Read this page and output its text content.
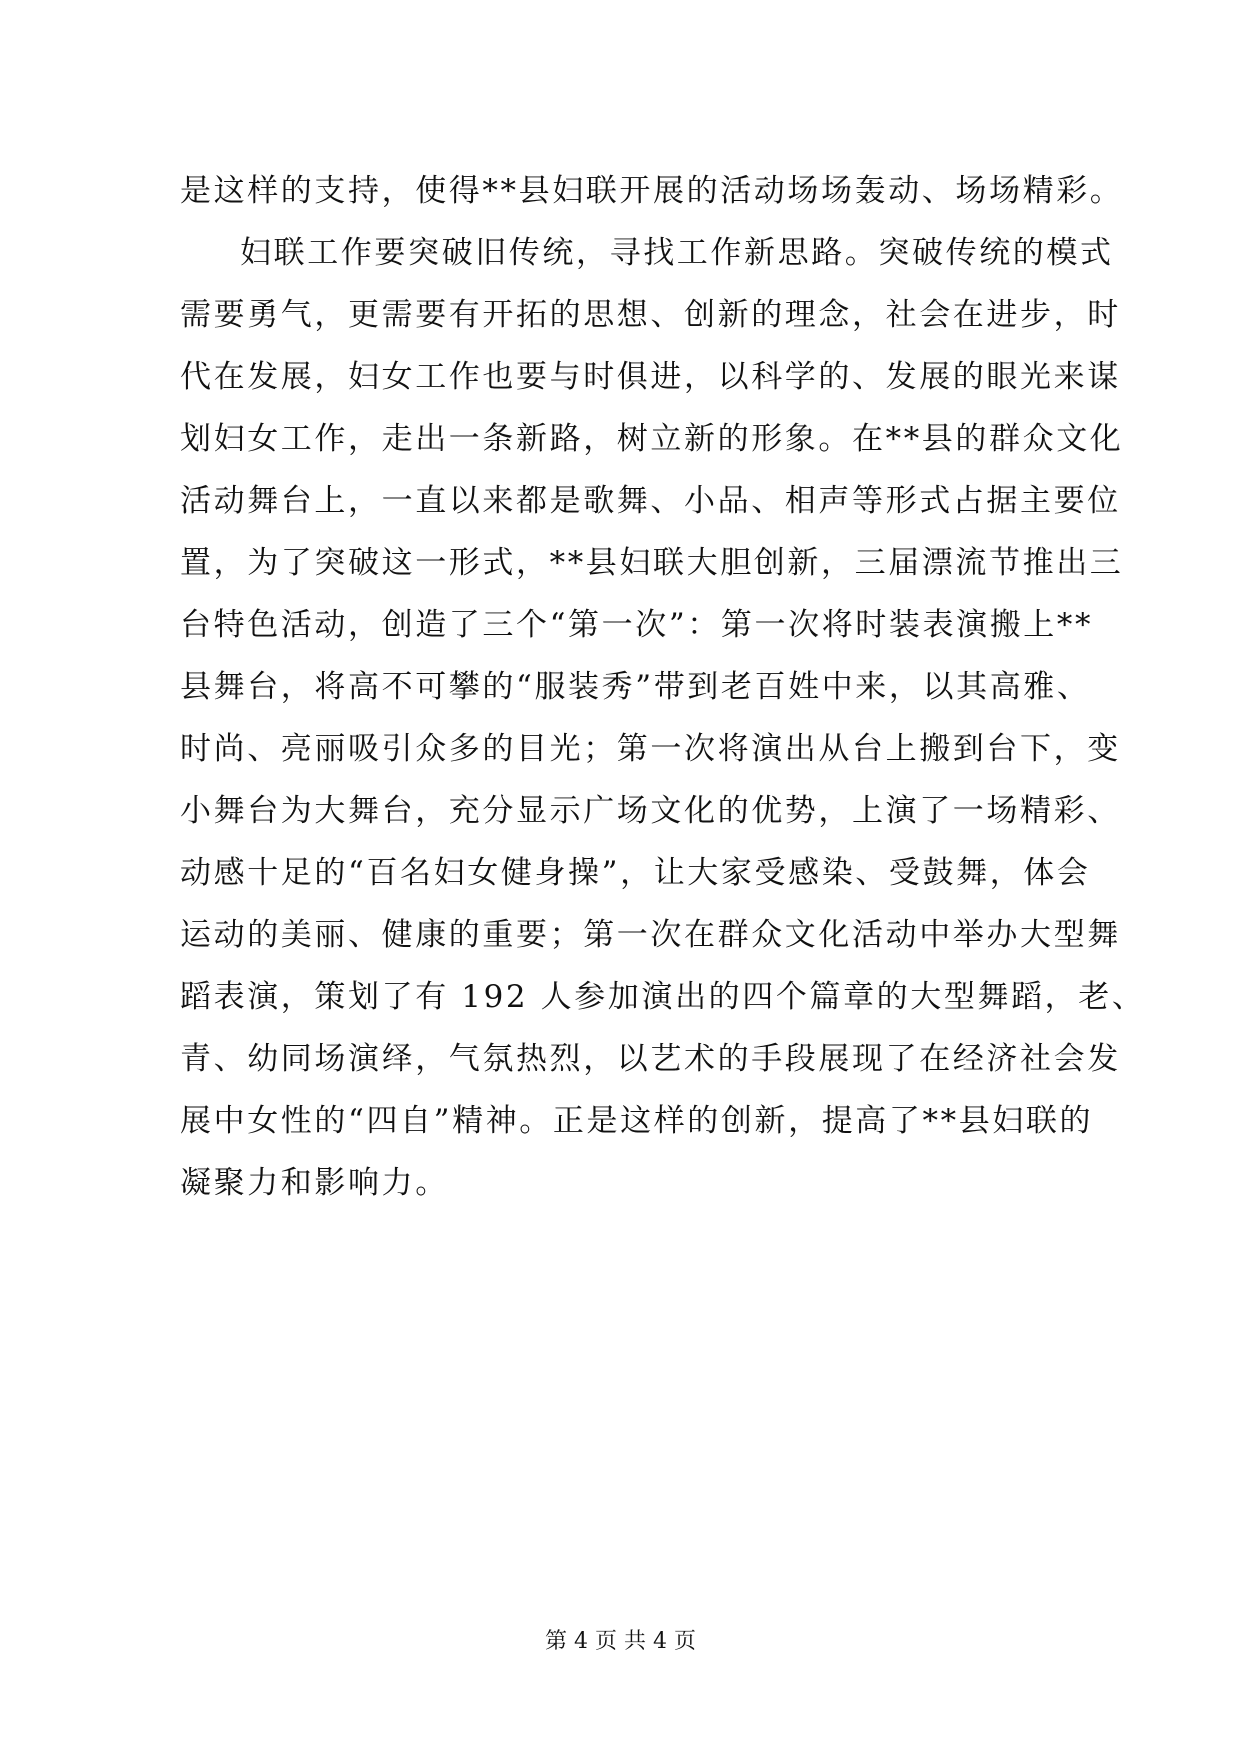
是这样的支持，使得**县妇联开展的活动场场轰动、场场精彩。
妇联工作要突破旧传统，寻找工作新思路。突破传统的模式
需要勇气，更需要有开拓的思想、创新的理念，社会在进步，时
代在发展，妇女工作也要与时俱进，以科学的、发展的眼光来谋
划妇女工作，走出一条新路，树立新的形象。在**县的群众文化
活动舞台上，一直以来都是歌舞、小品、相声等形式占据主要位
置，为了突破这一形式，**县妇联大胆创新，三届漂流节推出三
台特色活动，创造了三个“第一次”：第一次将时装表演搬上**
县舞台，将高不可攀的“服装秀”带到老百姓中来，以其高雅、
时尚、亮丽吸引众多的目光；第一次将演出从台上搬到台下，变
小舞台为大舞台，充分显示广场文化的优势，上演了一场精彩、
动感十足的“百名妇女健身操”，让大家受感染、受鼓舞，体会
运动的美丽、健康的重要；第一次在群众文化活动中举办大型舞
蹈表演，策划了有 192 人参加演出的四个篇章的大型舞蹈，老、
青、幼同场演绎，气氛热烈，以艺术的手段展现了在经济社会发
展中女性的“四自”精神。正是这样的创新，提高了**县妇联的
凝聚力和影响力。
第 4 页 共 4 页
